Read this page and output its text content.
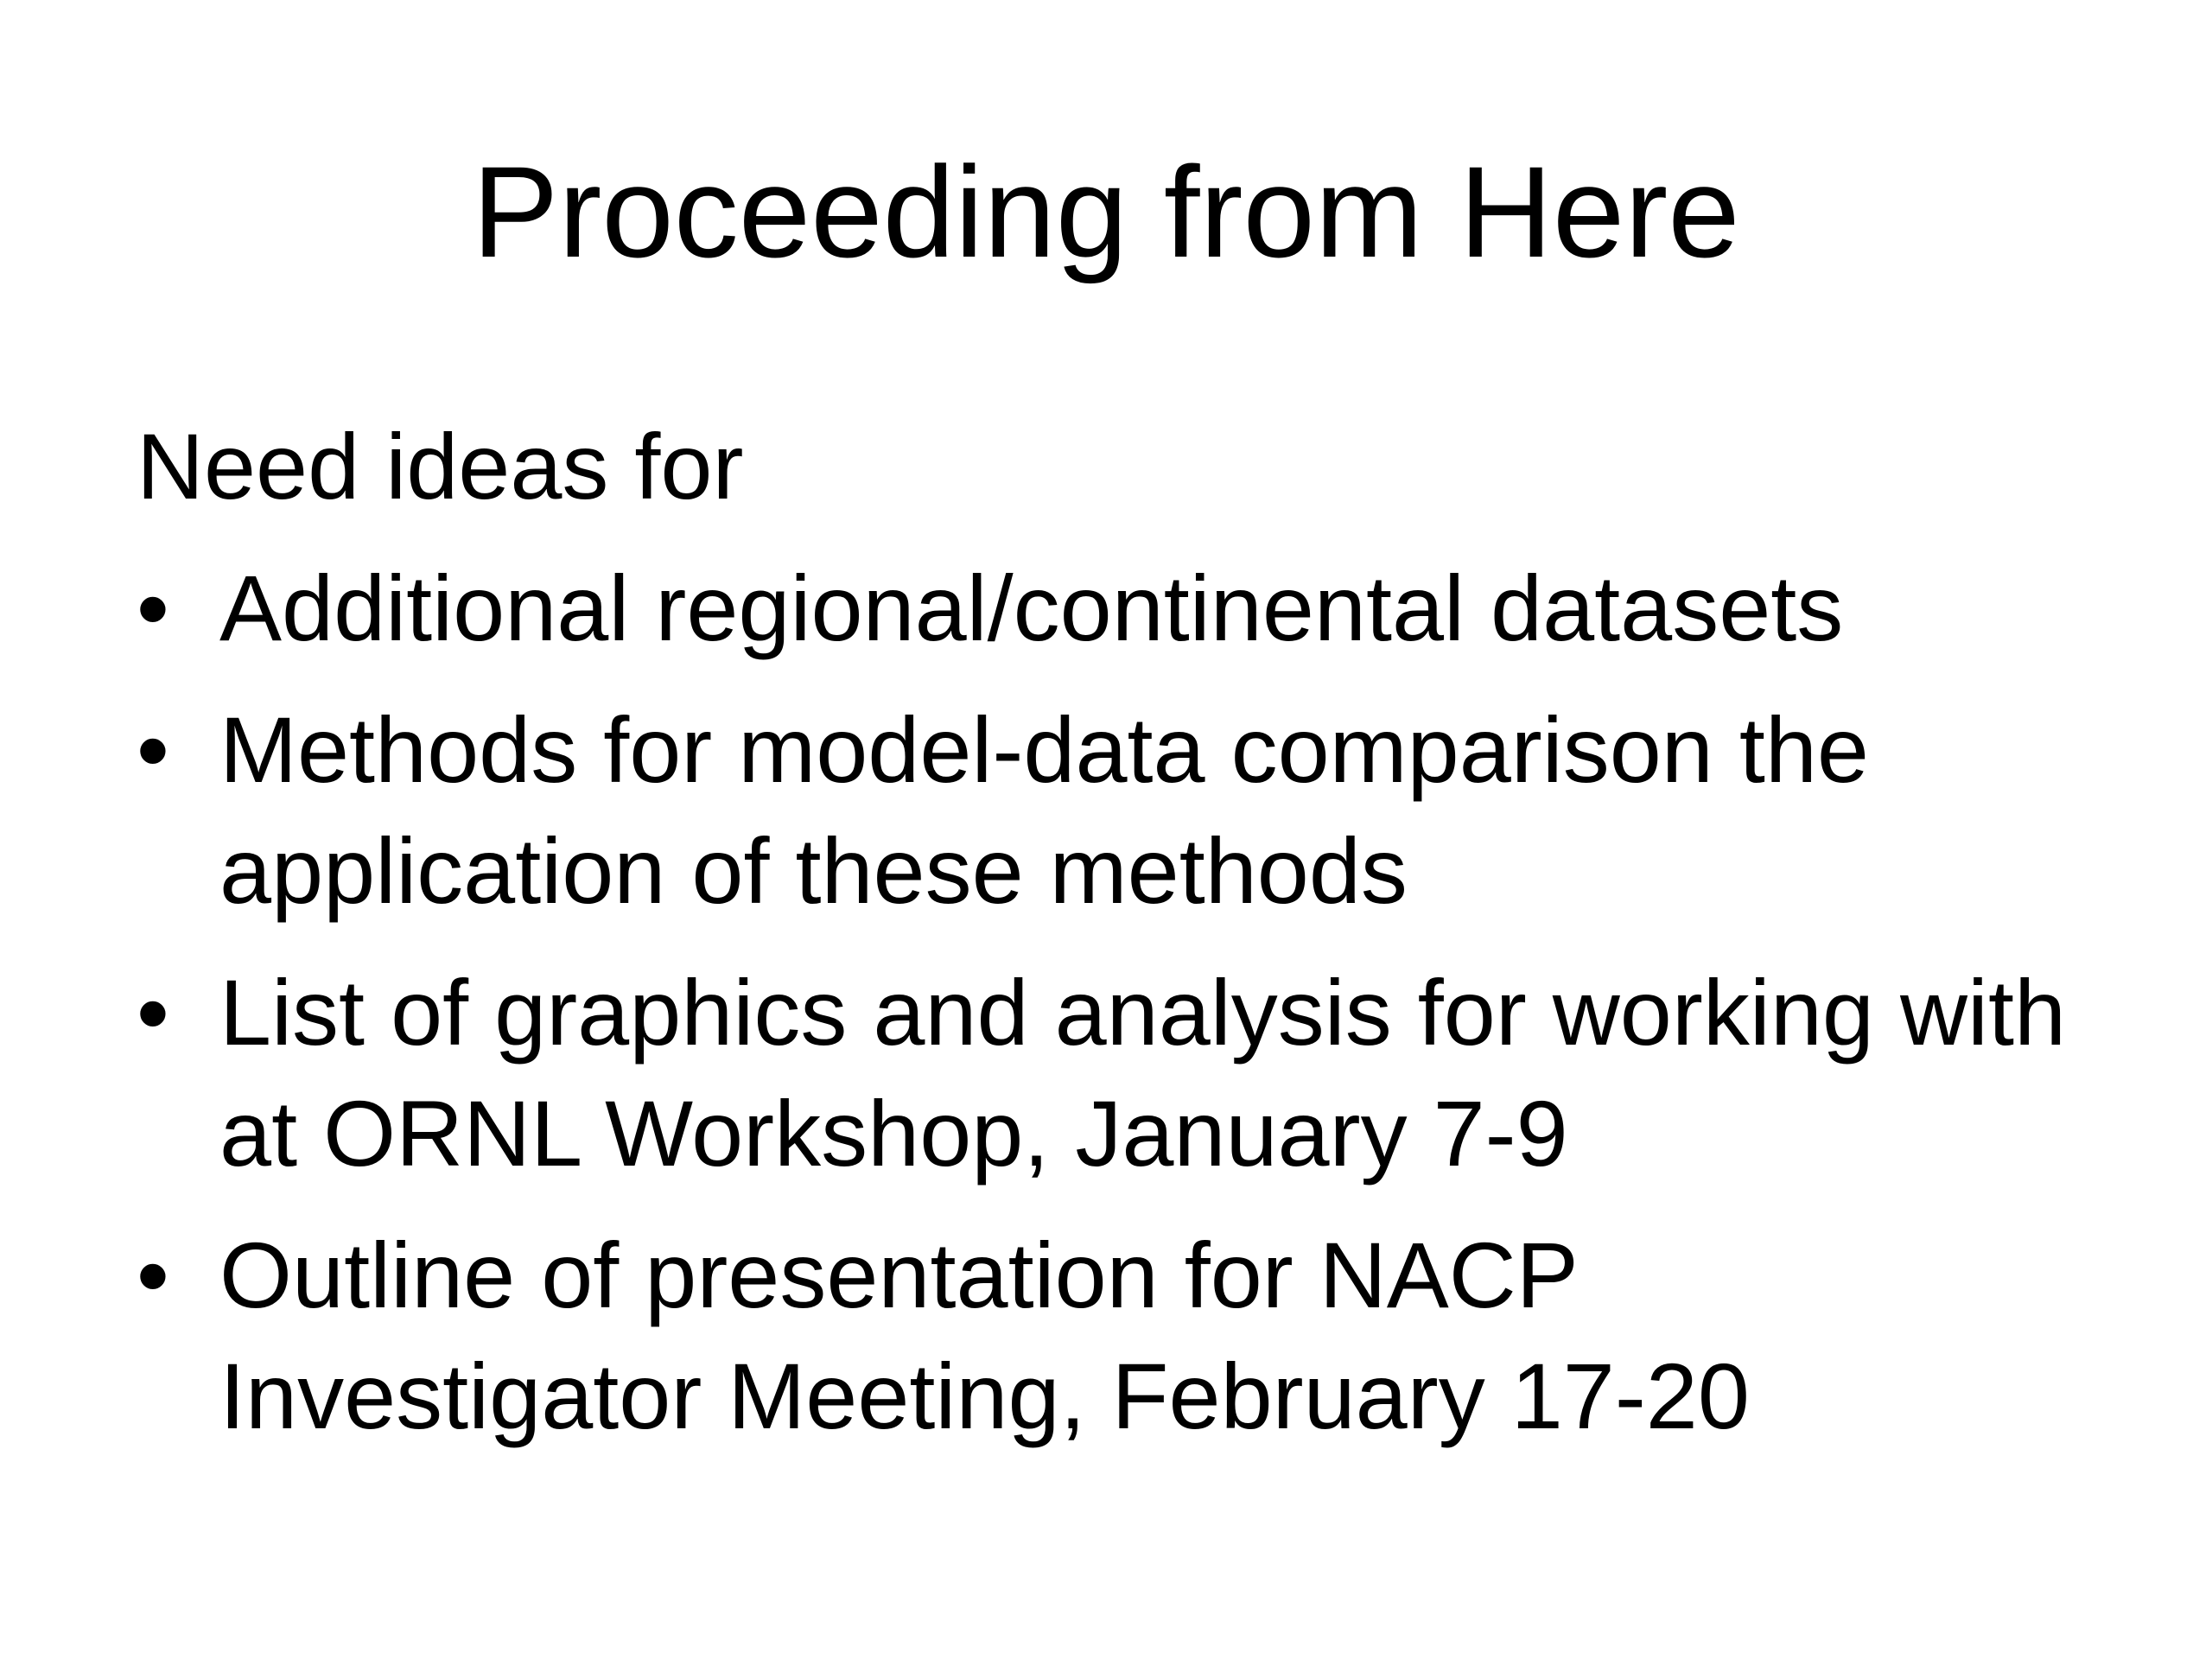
Proceeding from Here

Need ideas for

• Additional regional/continental datasets
• Methods for model-data comparison the application of these methods
• List of graphics and analysis for working with at ORNL Workshop, January 7-9
• Outline of presentation for NACP Investigator Meeting, February 17-20
